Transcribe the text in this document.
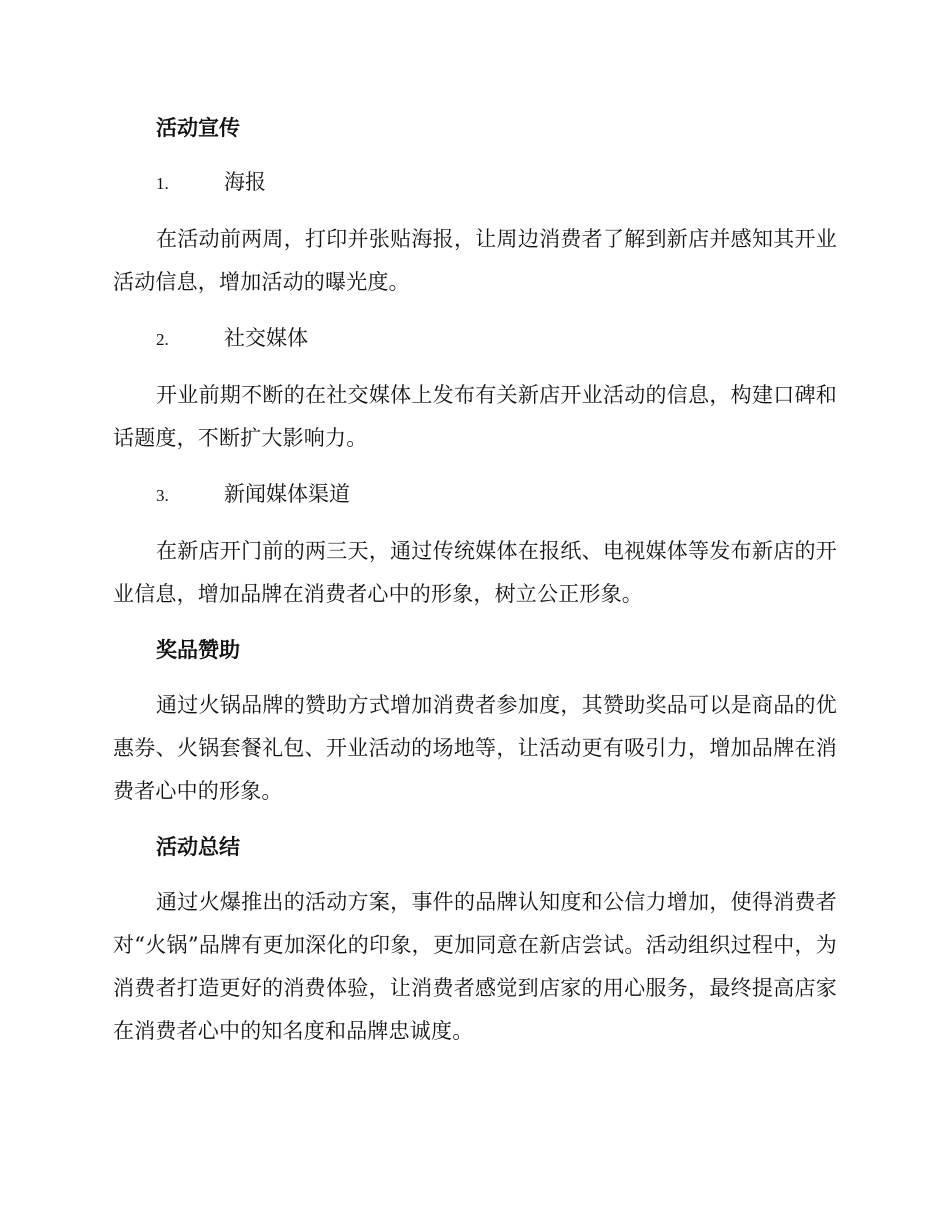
活动宣传
1.	海报

在活动前两周，打印并张贴海报，让周边消费者了解到新店并感知其开业活动信息，增加活动的曝光度。

2.	社交媒体

开业前期不断的在社交媒体上发布有关新店开业活动的信息，构建口碑和话题度，不断扩大影响力。

3.	新闻媒体渠道

在新店开门前的两三天，通过传统媒体在报纸、电视媒体等发布新店的开业信息，增加品牌在消费者心中的形象，树立公正形象。

奖品赞助

通过火锅品牌的赞助方式增加消费者参加度，其赞助奖品可以是商品的优惠券、火锅套餐礼包、开业活动的场地等，让活动更有吸引力，增加品牌在消费者心中的形象。

活动总结

通过火爆推出的活动方案，事件的品牌认知度和公信力增加，使得消费者对“火锅”品牌有更加深化的印象，更加同意在新店尝试。活动组织过程中，为消费者打造更好的消费体验，让消费者感觉到店家的用心服务，最终提高店家在消费者心中的知名度和品牌忠诚度。
